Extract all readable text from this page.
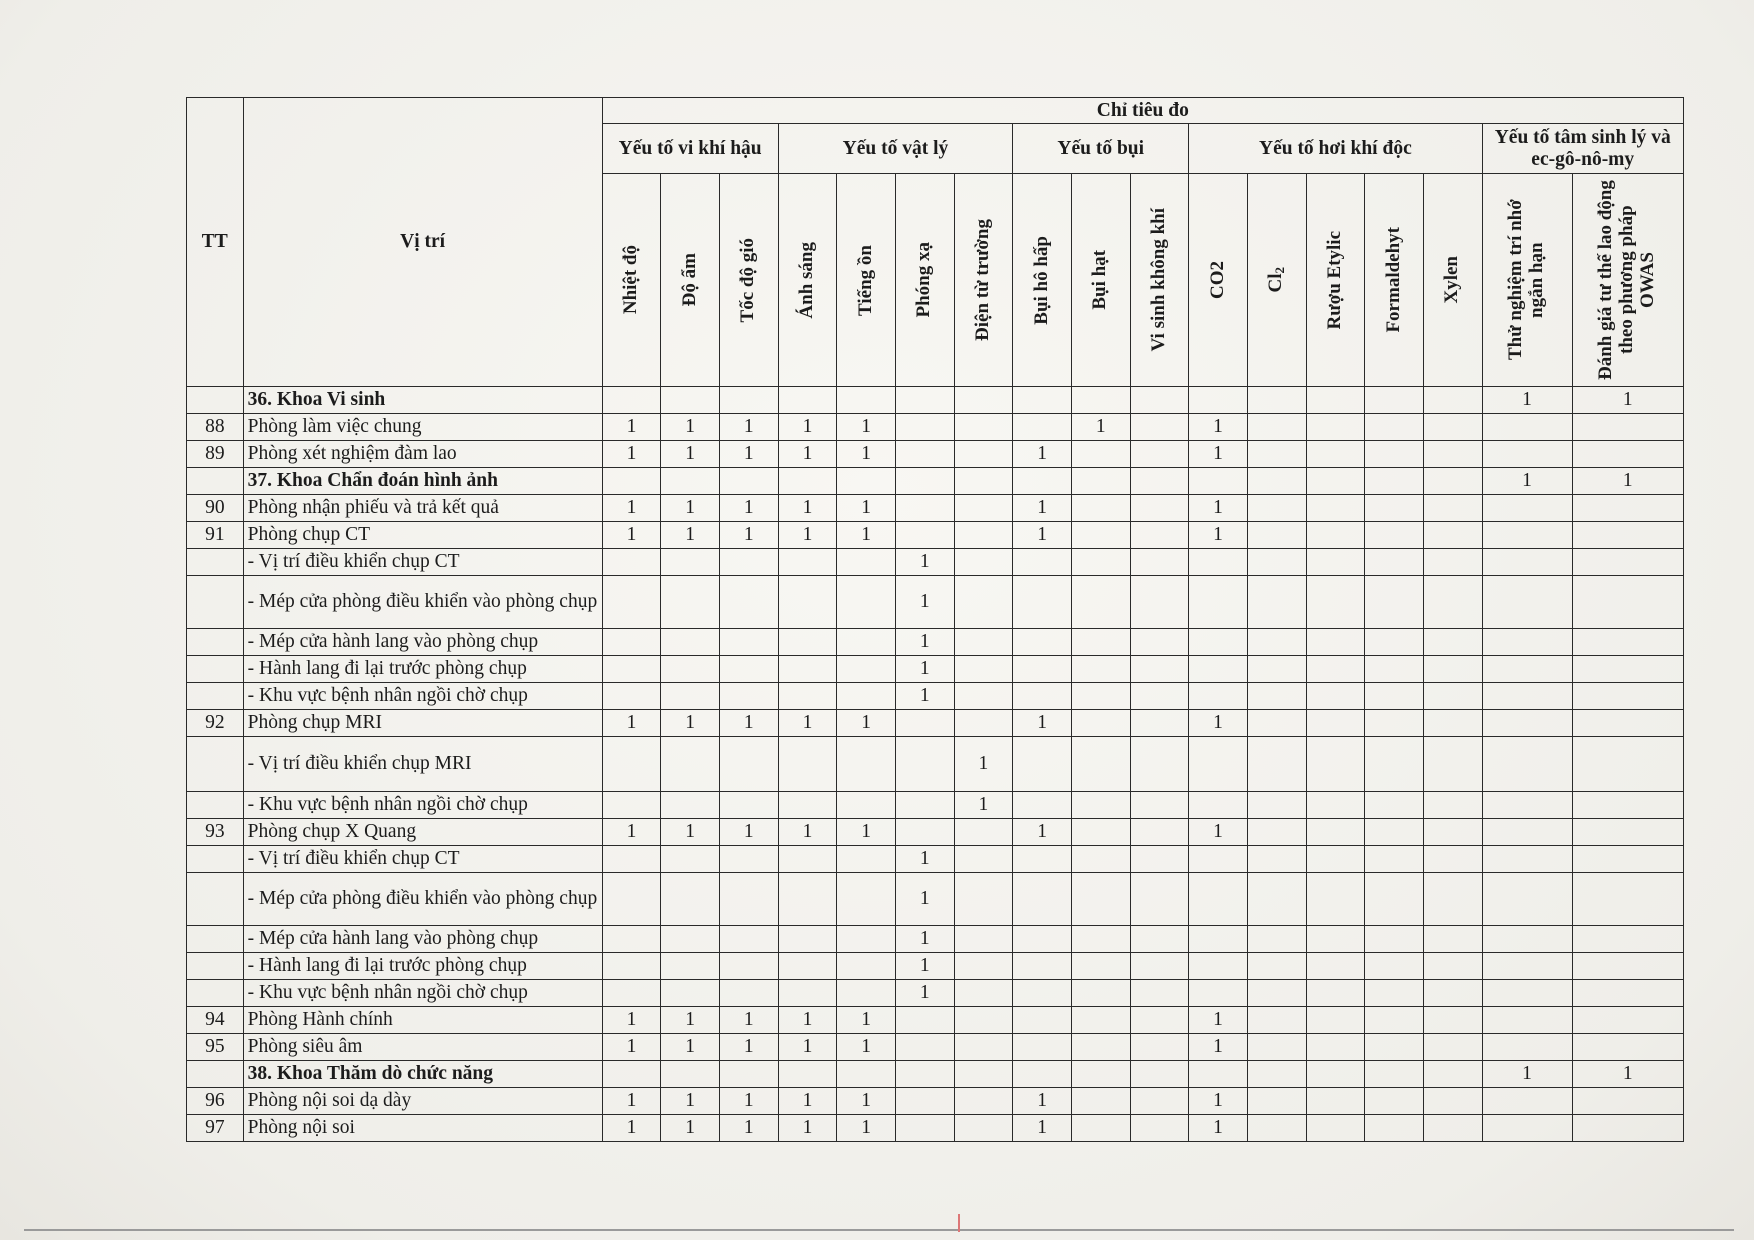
TT	Vị trí	Chỉ tiêu đo																
		Yếu tố vi khí hậu			Yếu tố vật lý				Yếu tố bụi			Yếu tố hơi khí độc					Yếu tố tâm sinh lý và ec-gô-nô-my	

		Nhiệt độ	Độ ẩm	Tốc độ gió	Ánh sáng	Tiếng ồn	Phóng xạ	Điện từ trường	Bụi hô hấp	Bụi hạt	Vi sinh không khí	CO2	$Cl_2$	Rượu Etylic	Formaldehyt	Xylen	Thử nghiệm trí nhớ ngắn hạn	Đánh giá tư thế lao động theo phương pháp OWAS

	36. Khoa Vi sinh																1	1
88	Phòng làm việc chung	1	1	1	1	1				1		1						
89	Phòng xét nghiệm đàm lao	1	1	1	1	1			1			1						
	37. Khoa Chẩn đoán hình ảnh																1	1
90	Phòng nhận phiếu và trả kết quả	1	1	1	1	1			1			1						
91	Phòng chụp CT	1	1	1	1	1			1			1						
	- Vị trí điều khiển chụp CT						1											
	- Mép cửa phòng điều khiển vào phòng chụp						1											
	- Mép cửa hành lang vào phòng chụp						1											
	- Hành lang đi lại trước phòng chụp						1											
	- Khu vực bệnh nhân ngồi chờ chụp						1											
92	Phòng chụp MRI	1	1	1	1	1			1			1						
	- Vị trí điều khiển chụp MRI							1										
	- Khu vực bệnh nhân ngồi chờ chụp							1										
93	Phòng chụp X Quang	1	1	1	1	1			1			1						
	- Vị trí điều khiển chụp CT						1											
	- Mép cửa phòng điều khiển vào phòng chụp						1											
	- Mép cửa hành lang vào phòng chụp						1											
	- Hành lang đi lại trước phòng chụp						1											
	- Khu vực bệnh nhân ngồi chờ chụp						1											
94	Phòng Hành chính	1	1	1	1	1						1						
95	Phòng siêu âm	1	1	1	1	1						1						
	38. Khoa Thăm dò chức năng																1	1
96	Phòng nội soi dạ dày	1	1	1	1	1			1			1						
97	Phòng nội soi	1	1	1	1	1			1			1						
